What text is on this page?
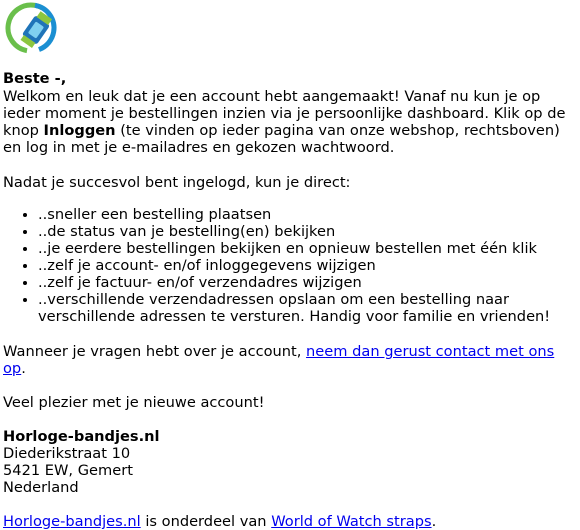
Beste -,

Welkom en leuk dat je een account hebt aangemaakt! Vanaf nu kun je op ieder moment je bestellingen inzien via je persoonlijke dashboard. Klik op de knop Inloggen (te vinden op ieder pagina van onze webshop, rechtsboven) en log in met je e-mailadres en gekozen wachtwoord.

Nadat je succesvol bent ingelogd, kun je direct:

• ..sneller een bestelling plaatsen
• ..de status van je bestelling(en) bekijken
• ..je eerdere bestellingen bekijken en opnieuw bestellen met één klik
• ..zelf je account- en/of inloggegevens wijzigen
• ..zelf je factuur- en/of verzendadres wijzigen
• ..verschillende verzendadressen opslaan om een bestelling naar verschillende adressen te versturen. Handig voor familie en vrienden!

Wanneer je vragen hebt over je account, neem dan gerust contact met ons op.

Veel plezier met je nieuwe account!

Horloge-bandjes.nl

Diederikstraat 10

5421 EW, Gemert

Nederland

Horloge-bandjes.nl is onderdeel van World of Watch straps.
